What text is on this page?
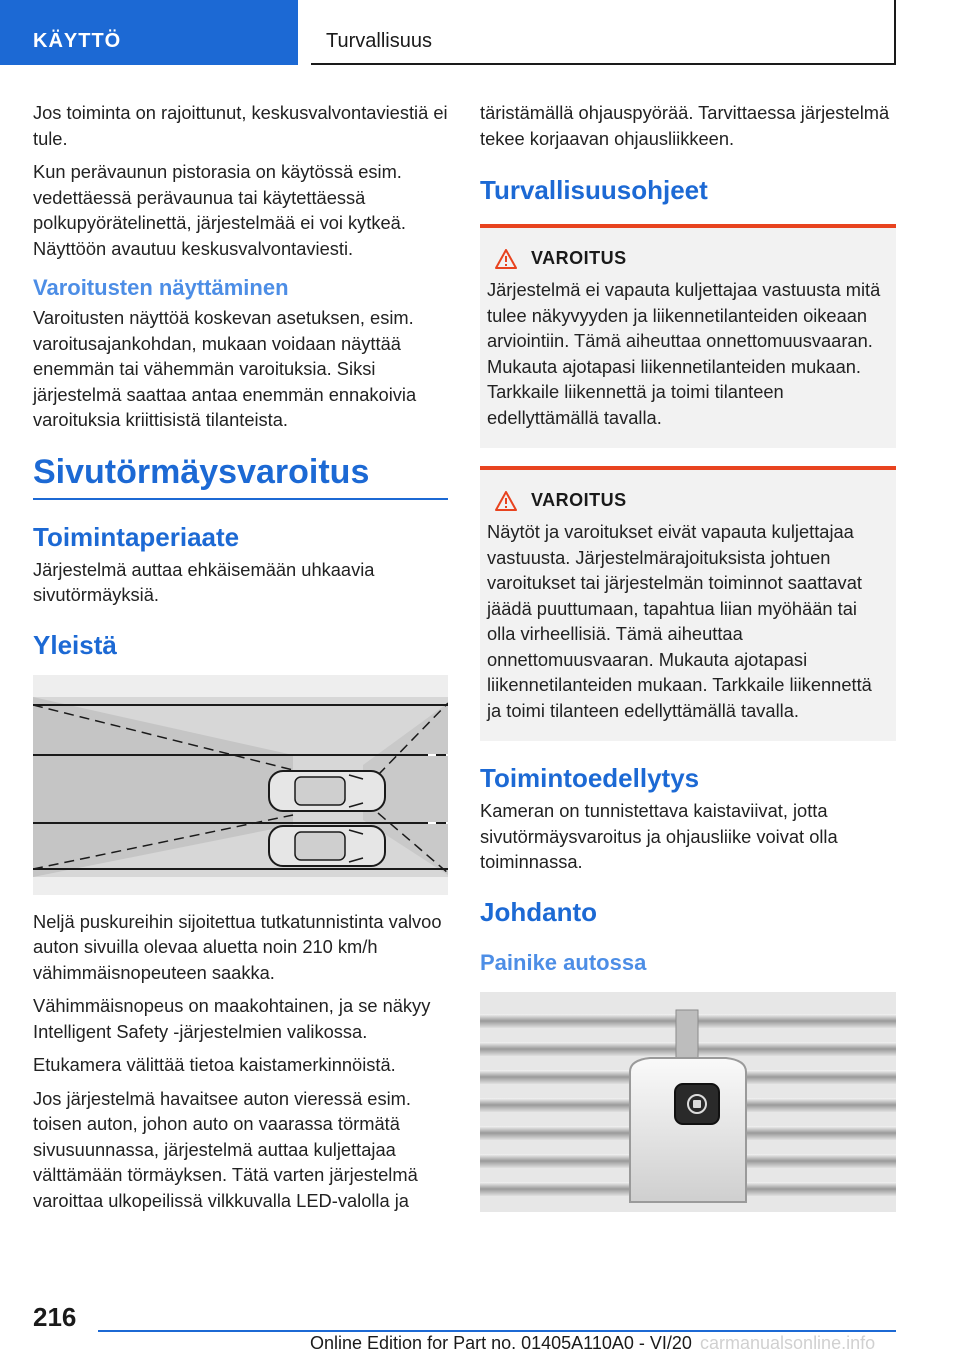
KÄYTTÖ	Turvallisuus

Jos toiminta on rajoittunut, keskusvalvontaviestiä ei tule.

Kun perävaunun pistorasia on käytössä esim. vedettäessä perävaunua tai käytettäessä polkupyörätelinettä, järjestelmää ei voi kytkeä. Näyttöön avautuu keskusvalvontaviesti.

Varoitusten näyttäminen

Varoitusten näyttöä koskevan asetuksen, esim. varoitusajankohdan, mukaan voidaan näyttää enemmän tai vähemmän varoituksia. Siksi järjestelmä saattaa antaa enemmän ennakoivia varoituksia kriittisistä tilanteista.

Sivutörmäysvaroitus
Toimintaperiaate

Järjestelmä auttaa ehkäisemään uhkaavia sivutörmäyksiä.

Yleistä

Neljä puskureihin sijoitettua tutkatunnistinta valvoo auton sivuilla olevaa aluetta noin 210 km/h vähimmäisnopeuteen saakka.

Vähimmäisnopeus on maakohtainen, ja se näkyy Intelligent Safety -järjestelmien valikossa.

Etukamera välittää tietoa kaistamerkinnöistä.

Jos järjestelmä havaitsee auton vieressä esim. toisen auton, johon auto on vaarassa törmätä sivusuunnassa, järjestelmä auttaa kuljettajaa välttämään törmäyksen. Tätä varten järjestelmä varoittaa ulkopeilissä vilkkuvalla LED-valolla ja

täristämällä ohjauspyörää. Tarvittaessa järjestelmä tekee korjaavan ohjausliikkeen.

Turvallisuusohjeet
VAROITUS

Järjestelmä ei vapauta kuljettajaa vastuusta mitä tulee näkyvyyden ja liikennetilanteiden oikeaan arviointiin. Tämä aiheuttaa onnettomuusvaaran. Mukauta ajotapasi liikennetilanteiden mukaan. Tarkkaile liikennettä ja toimi tilanteen edellyttämällä tavalla.

VAROITUS

Näytöt ja varoitukset eivät vapauta kuljettajaa vastuusta. Järjestelmärajoituksista johtuen varoitukset tai järjestelmän toiminnot saattavat jäädä puuttumaan, tapahtua liian myöhään tai olla virheellisiä. Tämä aiheuttaa onnettomuusvaaran. Mukauta ajotapasi liikennetilanteiden mukaan. Tarkkaile liikennettä ja toimi tilanteen edellyttämällä tavalla.

Toimintoedellytys

Kameran on tunnistettava kaistaviivat, jotta sivutörmäysvaroitus ja ohjausliike voivat olla toiminnassa.

Johdanto
Painike autossa
216
Online Edition for Part no. 01405A110A0 - VI/20 carmanualsonline.info
